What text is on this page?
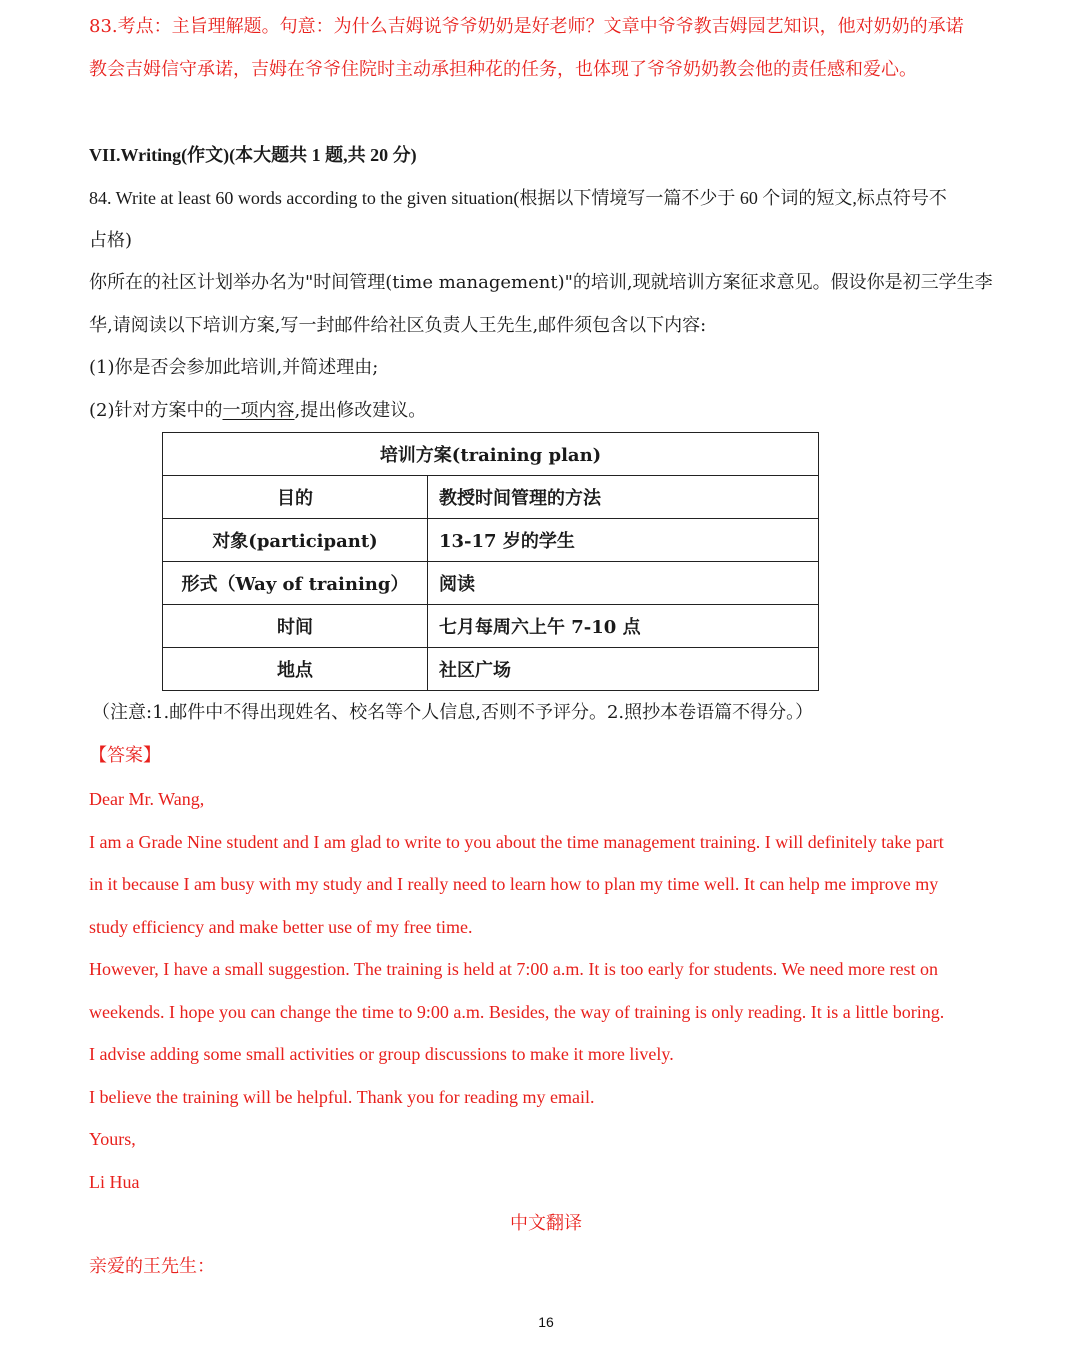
83.考点：主旨理解题。句意：为什么吉姆说爷爷奶奶是好老师？文章中爷爷教吉姆园艺知识，他对奶奶的承诺
教会吉姆信守承诺，吉姆在爷爷住院时主动承担种花的任务，也体现了爷爷奶奶教会他的责任感和爱心。
VII.Writing(作文)(本大题共 1 题,共 20 分)
84. Write at least 60 words according to the given situation(根据以下情境写一篇不少于 60 个词的短文,标点符号不
占格)
你所在的社区计划举办名为"时间管理(time management)"的培训,现就培训方案征求意见。假设你是初三学生李
华,请阅读以下培训方案,写一封邮件给社区负责人王先生,邮件须包含以下内容:
(1)你是否会参加此培训,并简述理由;
(2)针对方案中的一项内容,提出修改建议。
培训方案(training plan)	
目的	教授时间管理的方法
对象(participant)	13-17 岁的学生
形式（Way of training）	阅读
时间	七月每周六上午 7-10 点
地点	社区广场
（注意:1.邮件中不得出现姓名、校名等个人信息,否则不予评分。2.照抄本卷语篇不得分。）
【答案】
Dear Mr. Wang,
I am a Grade Nine student and I am glad to write to you about the time management training. I will definitely take part
in it because I am busy with my study and I really need to learn how to plan my time well. It can help me improve my
study efficiency and make better use of my free time.
However, I have a small suggestion. The training is held at 7:00 a.m. It is too early for students. We need more rest on
weekends. I hope you can change the time to 9:00 a.m. Besides, the way of training is only reading. It is a little boring.
I advise adding some small activities or group discussions to make it more lively.
I believe the training will be helpful. Thank you for reading my email.
Yours,
Li Hua
中文翻译
亲爱的王先生：
16
